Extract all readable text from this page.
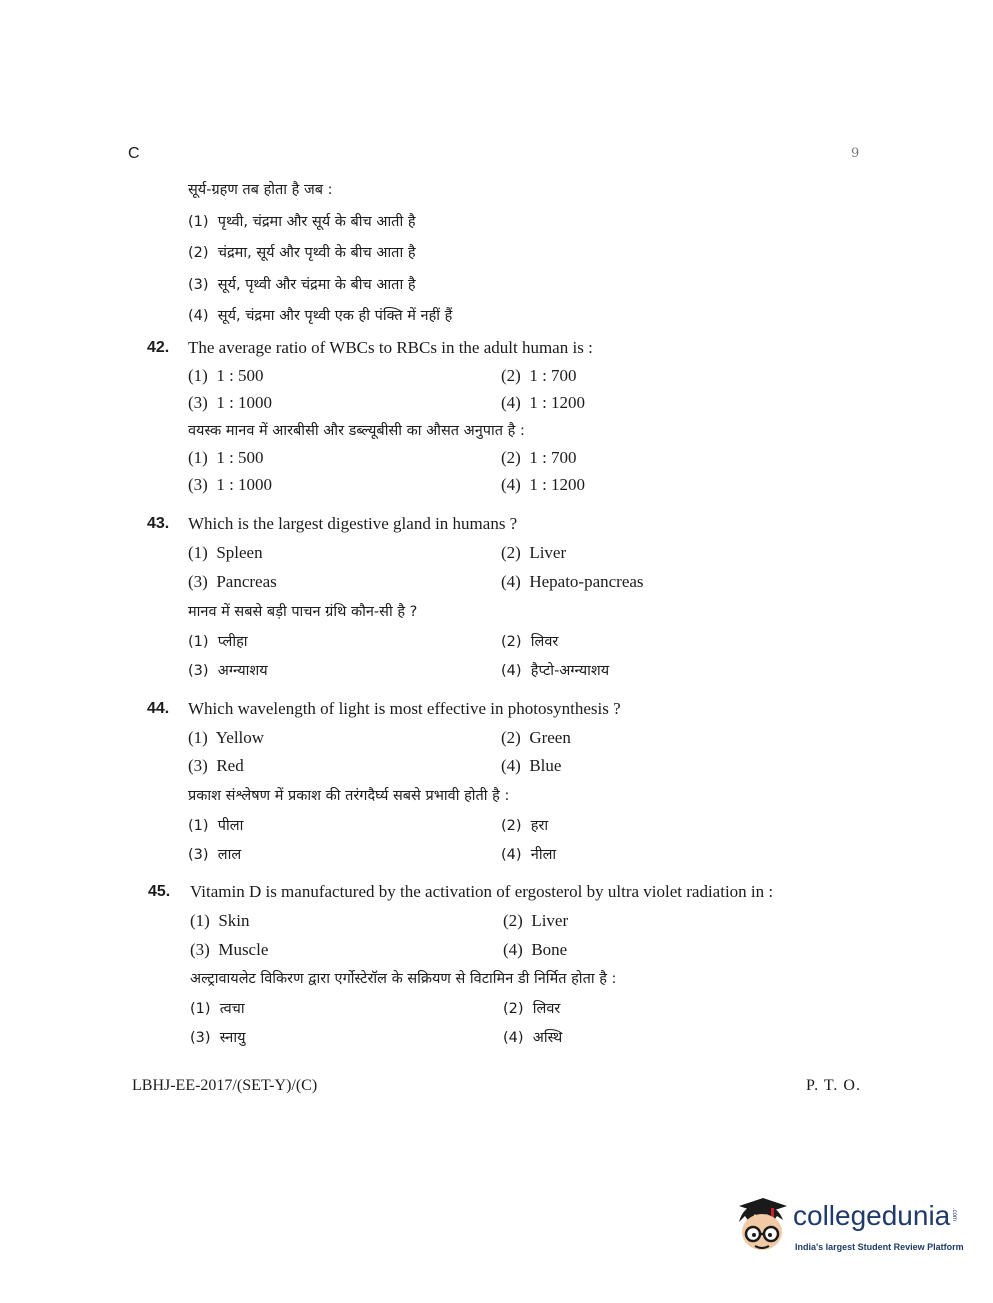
C	9
सूर्य-ग्रहण तब होता है जब :
(1) पृथ्वी, चंद्रमा और सूर्य के बीच आती है
(2) चंद्रमा, सूर्य और पृथ्वी के बीच आता है
(3) सूर्य, पृथ्वी और चंद्रमा के बीच आता है
(4) सूर्य, चंद्रमा और पृथ्वी एक ही पंक्ति में नहीं हैं
42. The average ratio of WBCs to RBCs in the adult human is :
(1) 1 : 500	(2) 1 : 700
(3) 1 : 1000	(4) 1 : 1200
वयस्क मानव में आरबीसी और डब्ल्यूबीसी का औसत अनुपात है :
(1) 1 : 500	(2) 1 : 700
(3) 1 : 1000	(4) 1 : 1200
43. Which is the largest digestive gland in humans ?
(1) Spleen	(2) Liver
(3) Pancreas	(4) Hepato-pancreas
मानव में सबसे बड़ी पाचन ग्रंथि कौन-सी है ?
(1) प्लीहा	(2) लिवर
(3) अग्न्याशय	(4) हैप्टो-अग्न्याशय
44. Which wavelength of light is most effective in photosynthesis ?
(1) Yellow	(2) Green
(3) Red	(4) Blue
प्रकाश संश्लेषण में प्रकाश की तरंगदैर्घ्य सबसे प्रभावी होती है :
(1) पीला	(2) हरा
(3) लाल	(4) नीला
45. Vitamin D is manufactured by the activation of ergosterol by ultra violet radiation in :
(1) Skin	(2) Liver
(3) Muscle	(4) Bone
अल्ट्रावायलेट विकिरण द्वारा एर्गोस्टेरॉल के सक्रियण से विटामिन डी निर्मित होता है :
(1) त्वचा	(2) लिवर
(3) स्नायु	(4) अस्थि
LBHJ-EE-2017/(SET-Y)/(C)	P. T. O.
collegedunia .com
India's largest Student Review Platform
